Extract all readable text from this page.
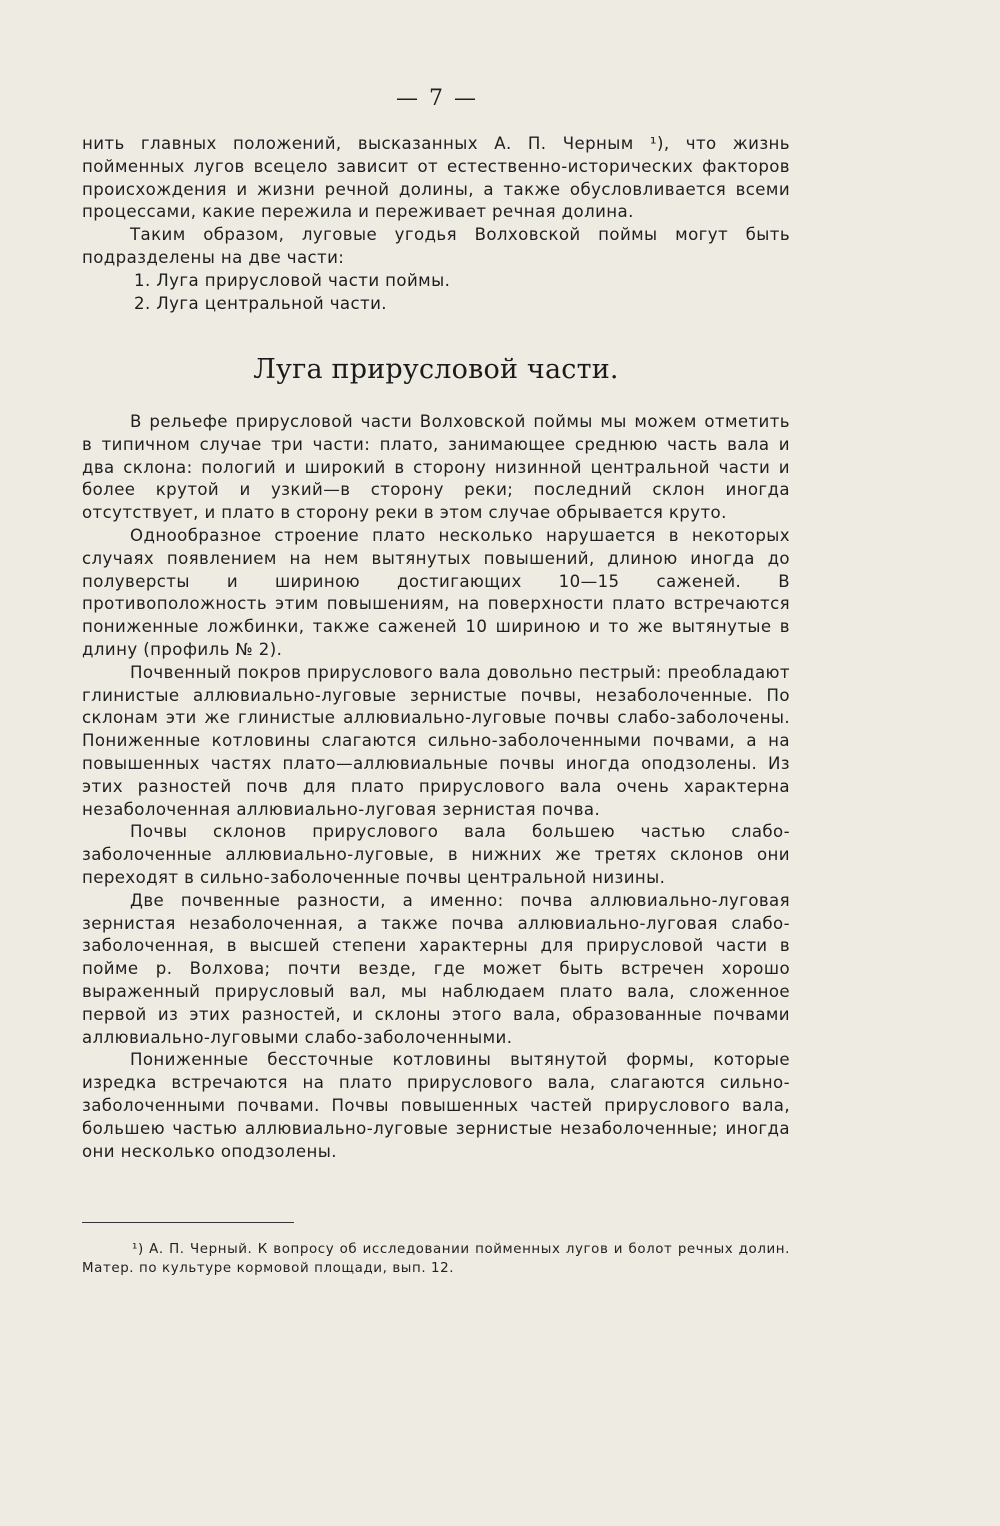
— 7 —

нить главных положений, высказанных А. П. Черным ¹), что жизнь пойменных лугов всецело зависит от естественно-исторических факторов происхождения и жизни речной долины, а также обусловливается всеми процессами, какие пережила и переживает речная долина.

Таким образом, луговые угодья Волховской поймы могут быть подразделены на две части:

1. Луга прирусловой части поймы.
2. Луга центральной части.
Луга прирусловой части.

В рельефе прирусловой части Волховской поймы мы можем отметить в типичном случае три части: плато, занимающее среднюю часть вала и два склона: пологий и широкий в сторону низинной центральной части и более крутой и узкий—в сторону реки; последний склон иногда отсутствует, и плато в сторону реки в этом случае обрывается круто.

Однообразное строение плато несколько нарушается в некоторых случаях появлением на нем вытянутых повышений, длиною иногда до полуверсты и шириною достигающих 10—15 саженей. В противоположность этим повышениям, на поверхности плато встречаются пониженные ложбинки, также саженей 10 шириною и то же вытянутые в длину (профиль № 2).

Почвенный покров прируслового вала довольно пестрый: преобладают глинистые аллювиально-луговые зернистые почвы, незаболоченные. По склонам эти же глинистые аллювиально-луговые почвы слабо-заболочены. Пониженные котловины слагаются сильно-заболоченными почвами, а на повышенных частях плато—аллювиальные почвы иногда оподзолены. Из этих разностей почв для плато прируслового вала очень характерна незаболоченная аллювиально-луговая зернистая почва.

Почвы склонов прируслового вала большею частью слабо-заболоченные аллювиально-луговые, в нижних же третях склонов они переходят в сильно-заболоченные почвы центральной низины.

Две почвенные разности, а именно: почва аллювиально-луговая зернистая незаболоченная, а также почва аллювиально-луговая слабо-заболоченная, в высшей степени характерны для прирусловой части в пойме р. Волхова; почти везде, где может быть встречен хорошо выраженный прирусловый вал, мы наблюдаем плато вала, сложенное первой из этих разностей, и склоны этого вала, образованные почвами аллювиально-луговыми слабо-заболоченными.

Пониженные бессточные котловины вытянутой формы, которые изредка встречаются на плато прируслового вала, слагаются сильно-заболоченными почвами. Почвы повышенных частей прируслового вала, большею частью аллювиально-луговые зернистые незаболоченные; иногда они несколько оподзолены.

¹) А. П. Черный. К вопросу об исследовании пойменных лугов и болот речных долин. Матер. по культуре кормовой площади, вып. 12.
